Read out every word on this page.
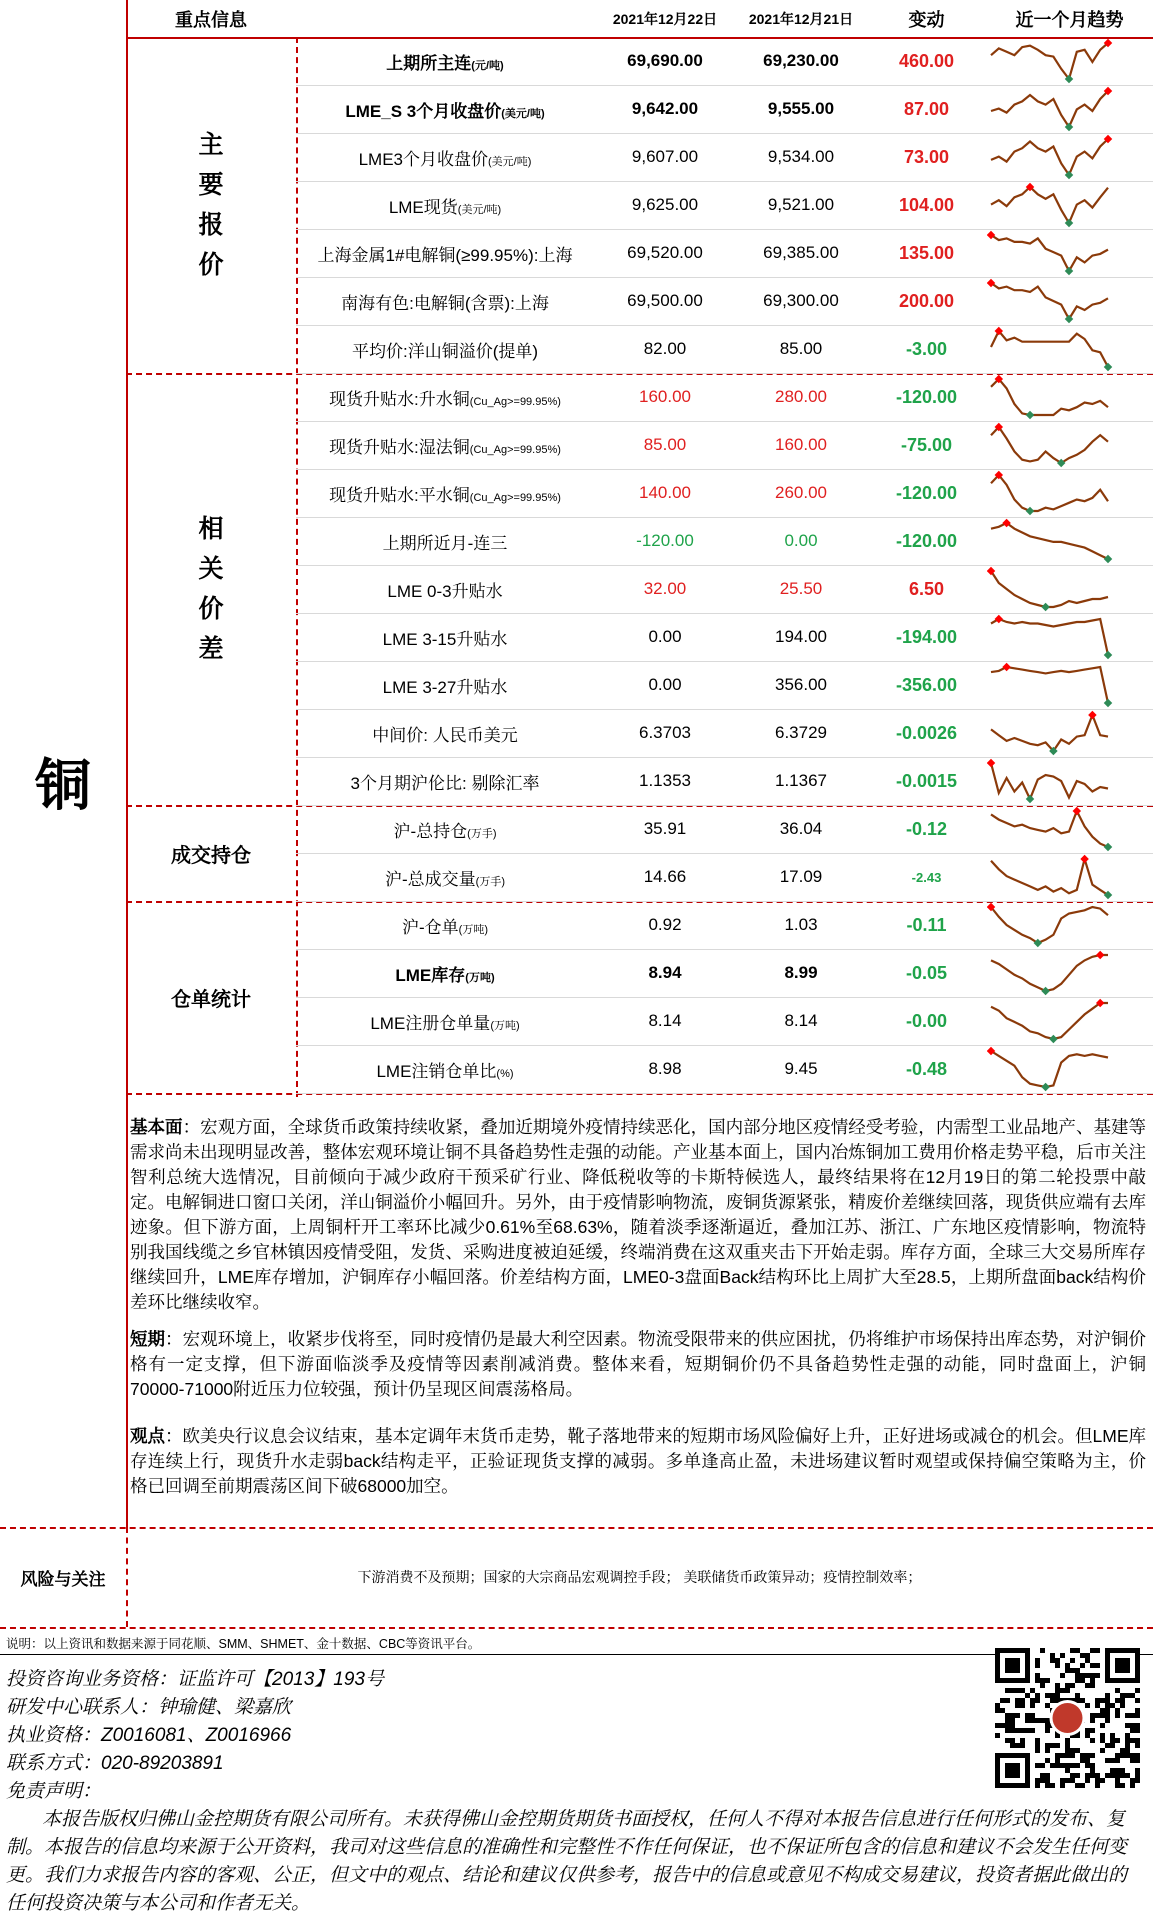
重点信息	2021年12月22日	2021年12月21日	变动	近一个月趋势
铜
主
要
报
价
相
关
价
差
成交持仓
仓单统计
上期所主连(元/吨)	69,690.00	69,230.00	460.00
LME_S 3个月收盘价(美元/吨)	9,642.00	9,555.00	87.00
LME3个月收盘价(美元/吨)	9,607.00	9,534.00	73.00
LME现货(美元/吨)	9,625.00	9,521.00	104.00
上海金属1#电解铜(≥99.95%):上海	69,520.00	69,385.00	135.00
南海有色:电解铜(含票):上海	69,500.00	69,300.00	200.00
平均价:洋山铜溢价(提单)	82.00	85.00	-3.00
现货升贴水:升水铜(Cu_Ag>=99.95%)	160.00	280.00	-120.00
现货升贴水:湿法铜(Cu_Ag>=99.95%)	85.00	160.00	-75.00
现货升贴水:平水铜(Cu_Ag>=99.95%)	140.00	260.00	-120.00
上期所近月-连三	-120.00	0.00	-120.00
LME 0-3升贴水	32.00	25.50	6.50
LME 3-15升贴水	0.00	194.00	-194.00
LME 3-27升贴水	0.00	356.00	-356.00
中间价: 人民币美元	6.3703	6.3729	-0.0026
3个月期沪伦比: 剔除汇率	1.1353	1.1367	-0.0015
沪-总持仓(万手)	35.91	36.04	-0.12
沪-总成交量(万手)	14.66	17.09	-2.43
沪-仓单(万吨)	0.92	1.03	-0.11
LME库存(万吨)	8.94	8.99	-0.05
LME注册仓单量(万吨)	8.14	8.14	-0.00
LME注销仓单比(%)	8.98	9.45	-0.48
基本面：宏观方面，全球货币政策持续收紧，叠加近期境外疫情持续恶化，国内部分地区疫情经受考验，内需型工业品地产、基建等需求尚未出现明显改善，整体宏观环境让铜不具备趋势性走强的动能。产业基本面上，国内冶炼铜加工费用价格走势平稳，后市关注智利总统大选情况，目前倾向于减少政府干预采矿行业、降低税收等的卡斯特候选人，最终结果将在12月19日的第二轮投票中敲定。电解铜进口窗口关闭，洋山铜溢价小幅回升。另外，由于疫情影响物流，废铜货源紧张，精废价差继续回落，现货供应端有去库迹象。但下游方面，上周铜杆开工率环比减少0.61%至68.63%，随着淡季逐渐逼近，叠加江苏、浙江、广东地区疫情影响，物流特别我国线缆之乡官林镇因疫情受阻，发货、采购进度被迫延缓，终端消费在这双重夹击下开始走弱。库存方面，全球三大交易所库存继续回升，LME库存增加，沪铜库存小幅回落。价差结构方面，LME0-3盘面Back结构环比上周扩大至28.5，上期所盘面back结构价差环比继续收窄。
短期：宏观环境上，收紧步伐将至，同时疫情仍是最大利空因素。物流受限带来的供应困扰，仍将维护市场保持出库态势，对沪铜价格有一定支撑，但下游面临淡季及疫情等因素削减消费。整体来看，短期铜价仍不具备趋势性走强的动能，同时盘面上，沪铜70000-71000附近压力位较强，预计仍呈现区间震荡格局。
观点：欧美央行议息会议结束，基本定调年末货币走势，靴子落地带来的短期市场风险偏好上升，正好进场或减仓的机会。但LME库存连续上行，现货升水走弱back结构走平，正验证现货支撑的减弱。多单逢高止盈，未进场建议暂时观望或保持偏空策略为主，价格已回调至前期震荡区间下破68000加空。
风险与关注	下游消费不及预期；国家的大宗商品宏观调控手段； 美联储货币政策异动；疫情控制效率；
说明：以上资讯和数据来源于同花顺、SMM、SHMET、金十数据、CBC等资讯平台。
投资咨询业务资格：证监许可【2013】193号
研发中心联系人：钟瑜健、梁嘉欣
执业资格：Z0016081、Z0016966
联系方式：020-89203891
免责声明：
本报告版权归佛山金控期货有限公司所有。未获得佛山金控期货期货书面授权，任何人不得对本报告信息进行任何形式的发布、复制。本报告的信息均来源于公开资料，我司对这些信息的准确性和完整性不作任何保证，也不保证所包含的信息和建议不会发生任何变更。我们力求报告内容的客观、公正，但文中的观点、结论和建议仅供参考，报告中的信息或意见不构成交易建议，投资者据此做出的任何投资决策与本公司和作者无关。
